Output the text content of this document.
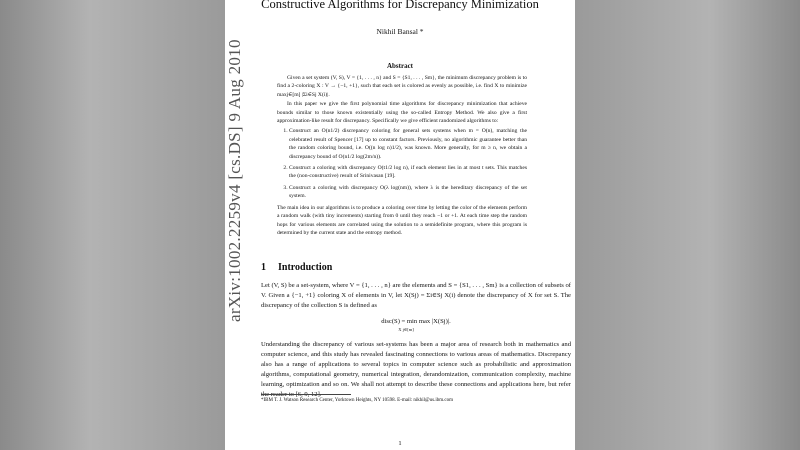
arXiv:1002.2259v4 [cs.DS] 9 Aug 2010
Constructive Algorithms for Discrepancy Minimization
Nikhil Bansal *
Abstract

Given a set system (V, S), V = {1, . . . , n} and S = {S1, . . . , Sm}, the minimum discrepancy problem is to find a 2-coloring X : V → {−1, +1}, such that each set is colored as evenly as possible, i.e. find X to minimize maxj∈[m] |Σi∈Sj X(i)|.

In this paper we give the first polynomial time algorithms for discrepancy minimization that achieve bounds similar to those known existentially using the so-called Entropy Method. We also give a first approximation-like result for discrepancy. Specifically we give efficient randomized algorithms to:

1. Construct an O(n1/2) discrepancy coloring for general sets systems when m = O(n), matching the celebrated result of Spencer [17] up to constant factors. Previously, no algorithmic guarantee better than the random coloring bound, i.e. O((n log n)1/2), was known. More generally, for m ≥ n, we obtain a discrepancy bound of O(n1/2 log(2m/n)).
2. Construct a coloring with discrepancy O(t1/2 log n), if each element lies in at most t sets. This matches the (non-constructive) result of Srinivasan [19].
3. Construct a coloring with discrepancy O(λ log(nm)), where λ is the hereditary discrepancy of the set system.

The main idea in our algorithms is to produce a coloring over time by letting the color of the elements perform a random walk (with tiny increments) starting from 0 until they reach −1 or +1. At each time step the random hops for various elements are correlated using the solution to a semidefinite program, where this program is determined by the current state and the entropy method.

1 Introduction

Let (V, S) be a set-system, where V = {1, . . . , n} are the elements and S = {S1, . . . , Sm} is a collection of subsets of V. Given a {−1, +1} coloring X of elements in V, let X(Sj) = Σi∈Sj X(i) denote the discrepancy of X for set S. The discrepancy of the collection S is defined as

disc(S) = min max |X(Sj)|.
X j∈[m]

Understanding the discrepancy of various set-systems has been a major area of research both in mathematics and computer science, and this study has revealed fascinating connections to various areas of mathematics. Discrepancy also has a range of applications to several topics in computer science such as probabilistic and approximation algorithms, computational geometry, numerical integration, derandomization, communication complexity, machine learning, optimization and so on. We shall not attempt to describe these connections and applications here, but refer the reader to [6, 9, 12].

*IBM T. J. Watson Research Center, Yorktown Heights, NY 10598. E-mail: nikhil@us.ibm.com
1
